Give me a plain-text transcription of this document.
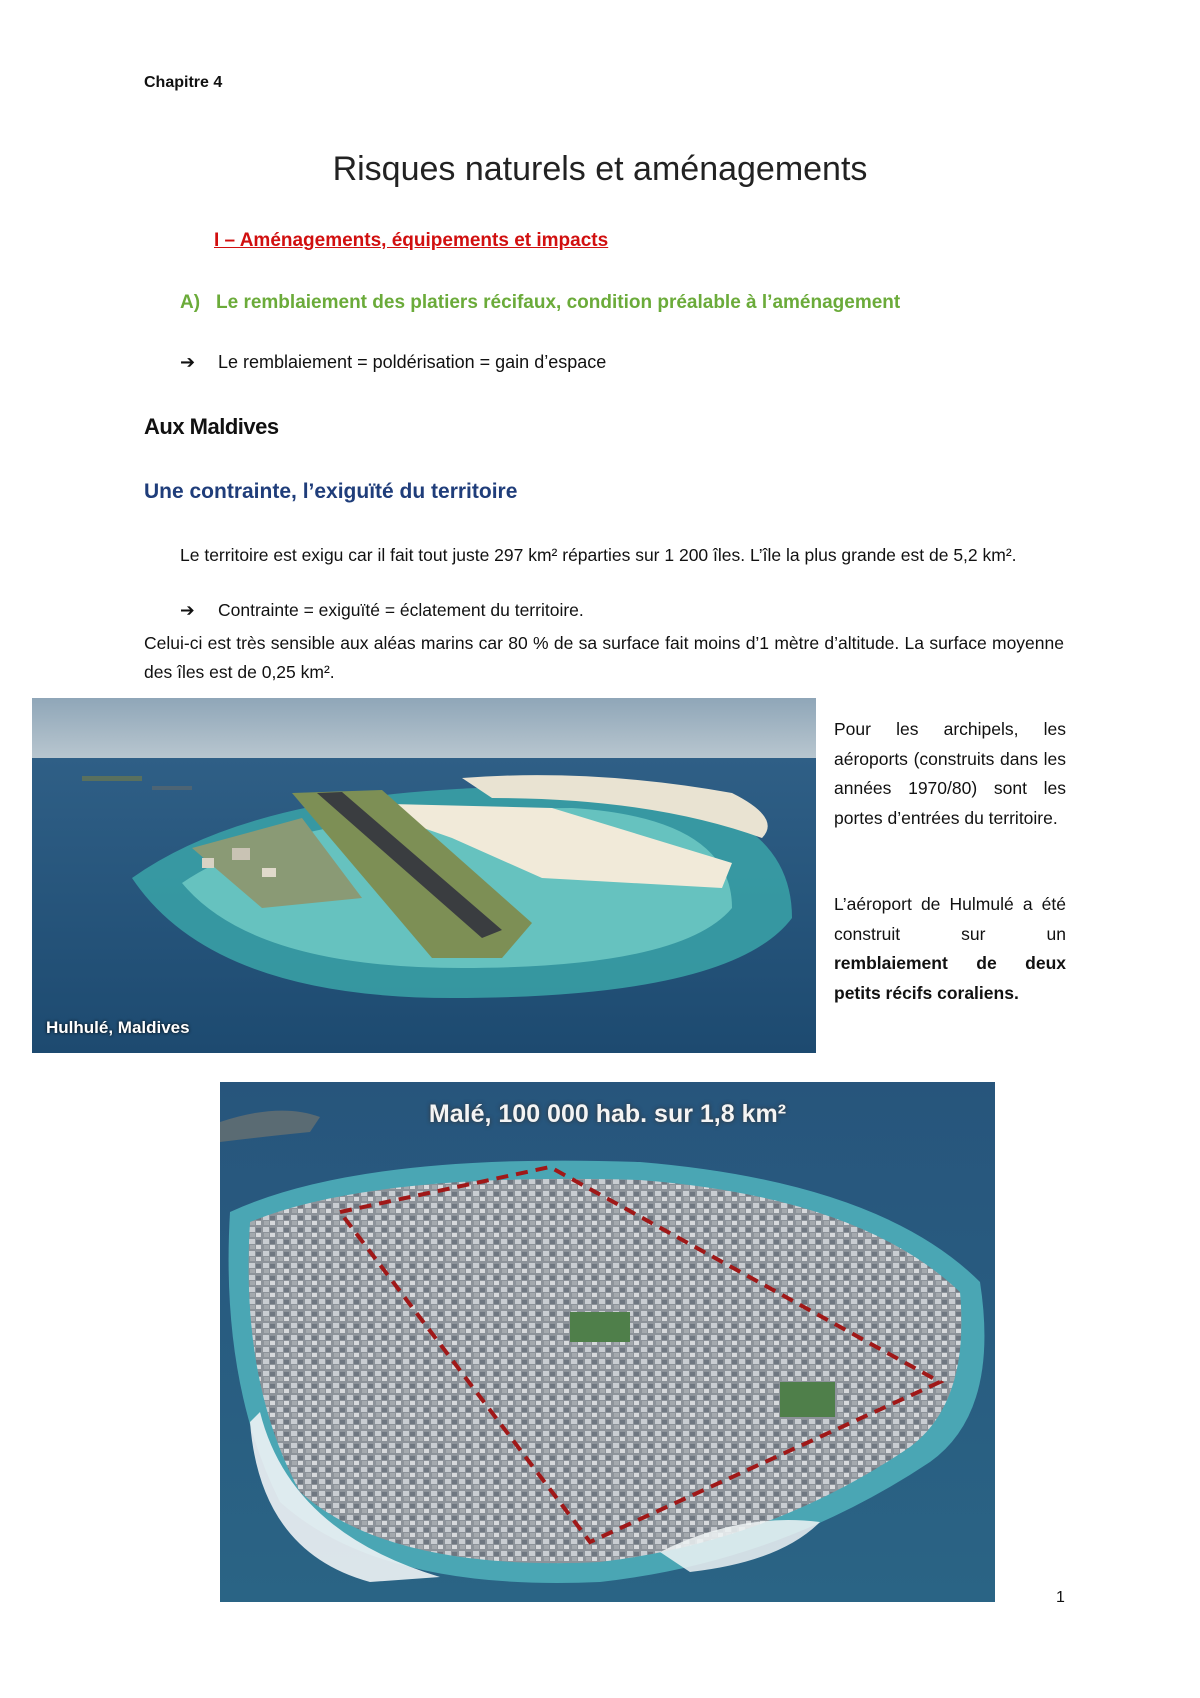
Chapitre 4
Risques naturels et aménagements
I – Aménagements, équipements et impacts
A) Le remblaiement des platiers récifaux, condition préalable à l’aménagement
➔ Le remblaiement = poldérisation = gain d’espace
Aux Maldives
Une contrainte, l’exiguïté du territoire
Le territoire est exigu car il fait tout juste 297 km² réparties sur 1 200 îles. L’île la plus grande est de 5,2 km².
➔ Contrainte = exiguïté = éclatement du territoire.
Celui-ci est très sensible aux aléas marins car 80 % de sa surface fait moins d’1 mètre d’altitude. La surface moyenne des îles est de 0,25 km².
Hulhulé, Maldives
Pour les archipels, les aéroports (construits dans les années 1970/80) sont les portes d’entrées du territoire.
L’aéroport de Hulmulé a été construit sur un remblaiement de deux petits récifs coraliens.
Malé, 100 000 hab. sur 1,8 km²
1
